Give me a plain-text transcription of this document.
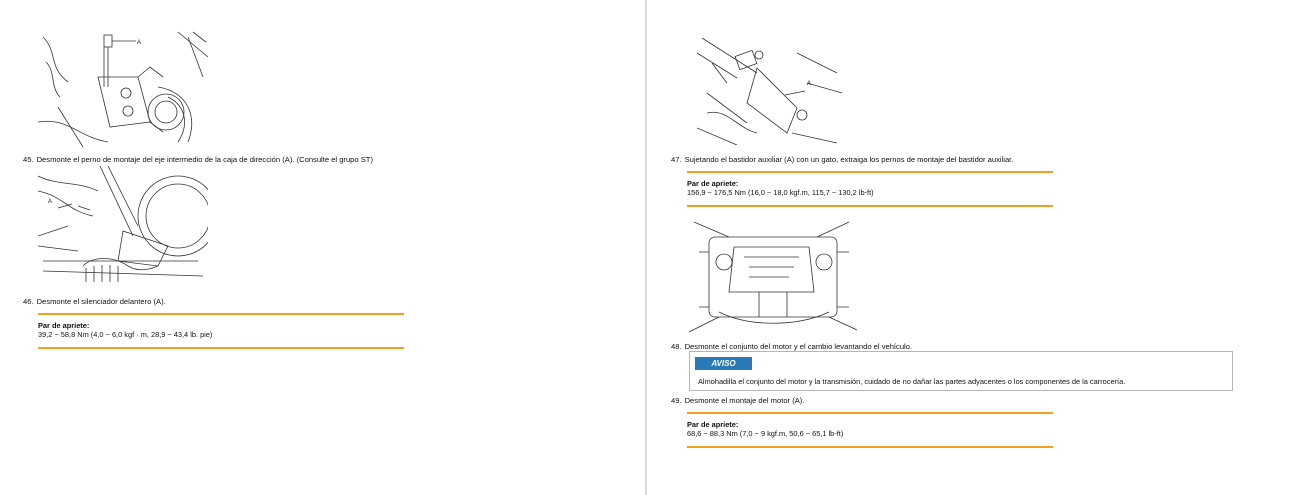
A
45. Desmonte el perno de montaje del eje intermedio de la caja de dirección (A). (Consulte el grupo ST)
A
46. Desmonte el silenciador delantero (A).
Par de apriete:
39,2 ~ 58,8 Nm (4,0 ~ 6,0 kgf · m, 28,9 ~ 43,4 lb. pie)
A
47. Sujetando el bastidor auxiliar (A) con un gato, extraiga los pernos de montaje del bastidor auxiliar.
Par de apriete:
156,9 ~ 176,5 Nm (16,0 ~ 18,0 kgf.m, 115,7 ~ 130,2 lb-ft)
48. Desmonte el conjunto del motor y el cambio levantando el vehículo.
AVISO
Almohadilla el conjunto del motor y la transmisión, cuidado de no dañar las partes adyacentes o los componentes de la carrocería.
49. Desmonte el montaje del motor (A).
Par de apriete:
68,6 ~ 88,3 Nm (7,0 ~ 9 kgf.m, 50,6 ~ 65,1 lb-ft)
